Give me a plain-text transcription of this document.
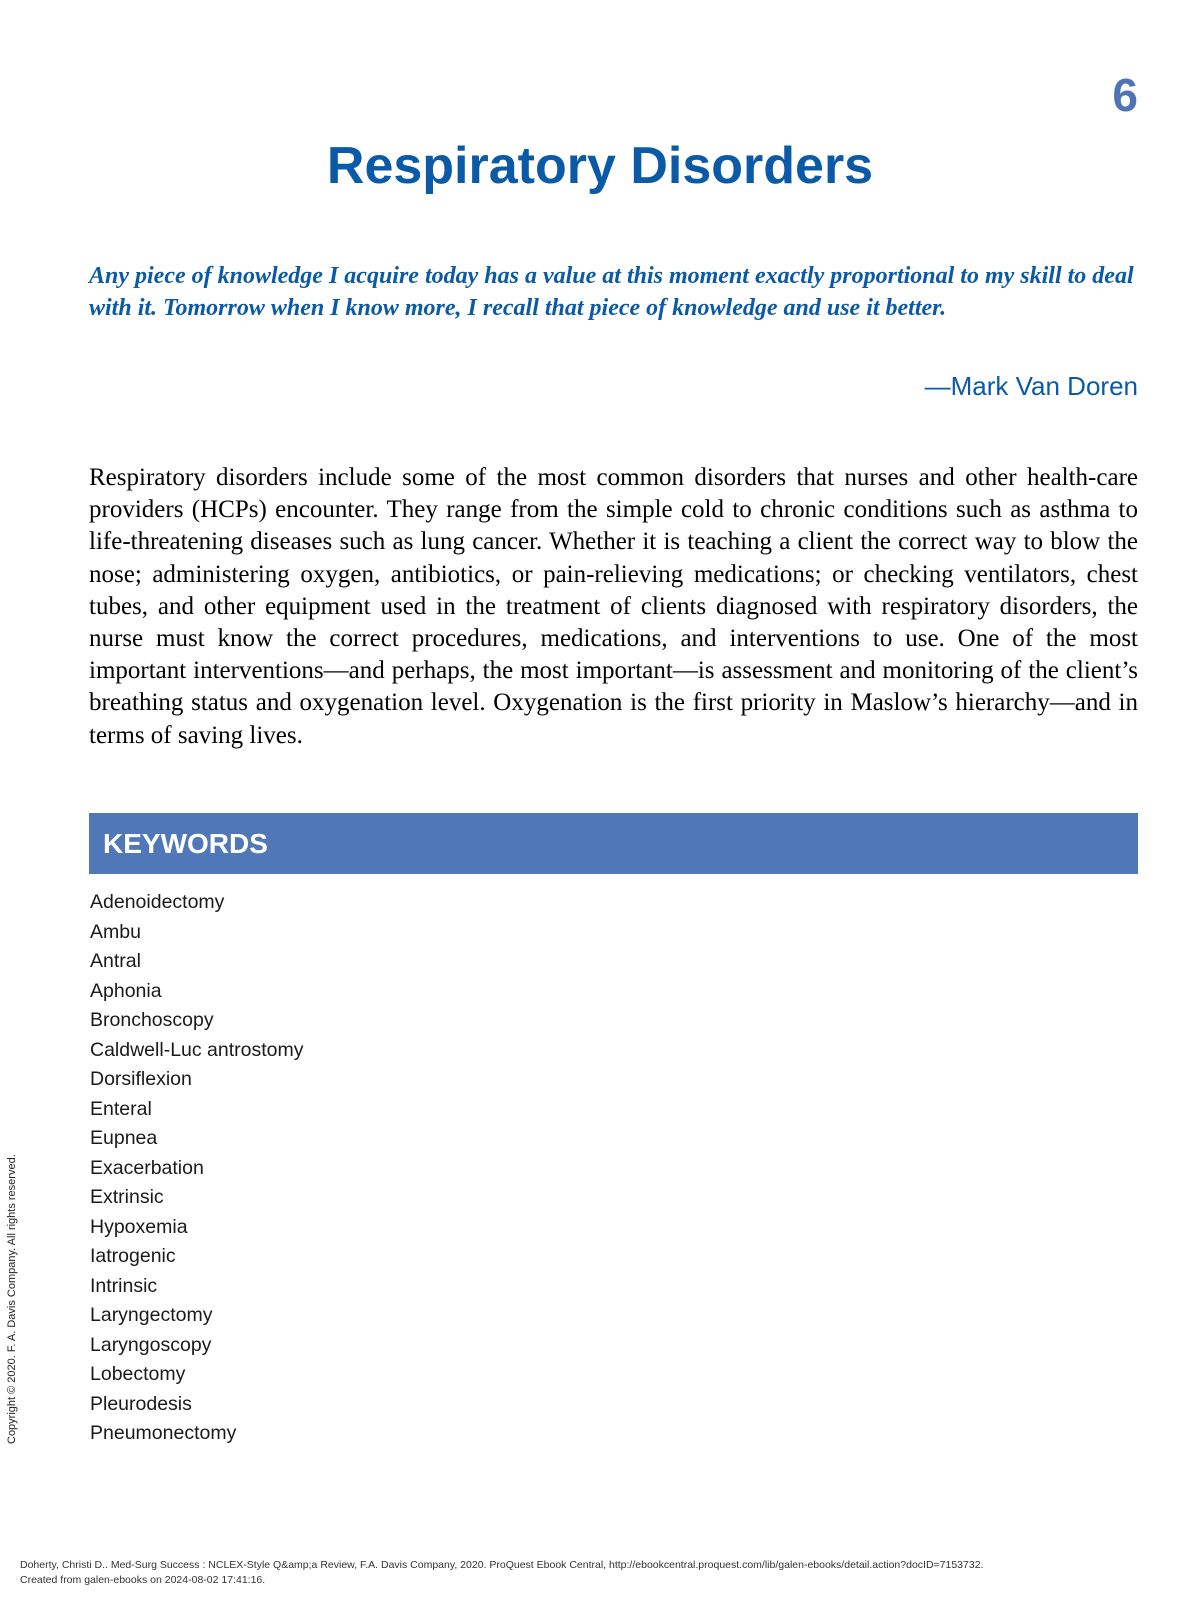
6
Respiratory Disorders

Any piece of knowledge I acquire today has a value at this moment exactly proportional to my skill to deal with it. Tomorrow when I know more, I recall that piece of knowledge and use it better.

—Mark Van Doren

Respiratory disorders include some of the most common disorders that nurses and other health-care providers (HCPs) encounter. They range from the simple cold to chronic conditions such as asthma to life-threatening diseases such as lung cancer. Whether it is teaching a client the correct way to blow the nose; administering oxygen, antibiotics, or pain-relieving medications; or checking ventilators, chest tubes, and other equipment used in the treatment of clients diagnosed with respiratory disorders, the nurse must know the correct procedures, medications, and interventions to use. One of the most important interventions—and perhaps, the most important—is assessment and monitoring of the client’s breathing status and oxygenation level. Oxygenation is the first priority in Maslow’s hierarchy—and in terms of saving lives.

KEYWORDS
Adenoidectomy
Ambu
Antral
Aphonia
Bronchoscopy
Caldwell-Luc antrostomy
Dorsiflexion
Enteral
Eupnea
Exacerbation
Extrinsic
Hypoxemia
Iatrogenic
Intrinsic
Laryngectomy
Laryngoscopy
Lobectomy
Pleurodesis
Pneumonectomy
Copyright © 2020. F. A. Davis Company. All rights reserved.
Doherty, Christi D.. Med-Surg Success : NCLEX-Style Q&amp;a Review, F.A. Davis Company, 2020. ProQuest Ebook Central, http://ebookcentral.proquest.com/lib/galen-ebooks/detail.action?docID=7153732.
Created from galen-ebooks on 2024-08-02 17:41:16.
